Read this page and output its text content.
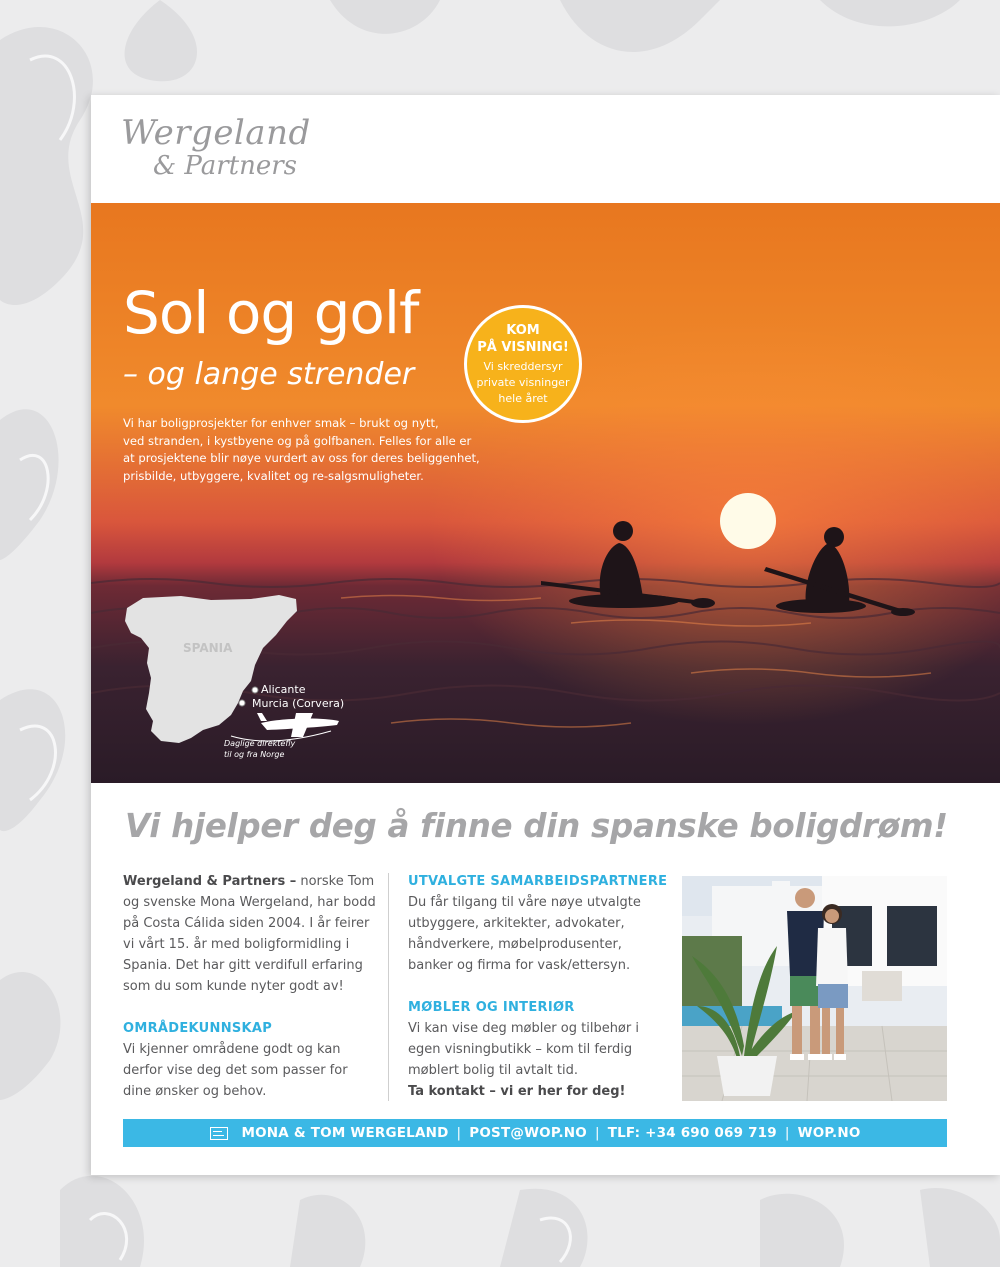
Wergeland
& Partners
Sol og golf
– og lange strender
Vi har boligprosjekter for enhver smak – brukt og nytt,
ved stranden, i kystbyene og på golfbanen. Felles for alle er
at prosjektene blir nøye vurdert av oss for deres beliggenhet,
prisbilde, utbyggere, kvalitet og re-salgsmuligheter.
KOM
PÅ VISNING!
Vi skreddersyr
private visninger
hele året
SPANIA
Alicante
Murcia (Corvera)
Daglige direktefly
til og fra Norge
Vi hjelper deg å finne din spanske boligdrøm!
Wergeland & Partners – norske Tom
og svenske Mona Wergeland, har bodd
på Costa Cálida siden 2004. I år feirer
vi vårt 15. år med boligformidling i
Spania. Det har gitt verdifull erfaring
som du som kunde nyter godt av!
OMRÅDEKUNNSKAP
Vi kjenner områdene godt og kan
derfor vise deg det som passer for
dine ønsker og behov.
UTVALGTE SAMARBEIDSPARTNERE
Du får tilgang til våre nøye utvalgte
utbyggere, arkitekter, advokater,
håndverkere, møbelprodusenter,
banker og firma for vask/ettersyn.
MØBLER OG INTERIØR
Vi kan vise deg møbler og tilbehør i
egen visningbutikk – kom til ferdig
møblert bolig til avtalt tid.
Ta kontakt – vi er her for deg!
MONA & TOM WERGELAND | POST@WOP.NO | TLF: +34 690 069 719 | WOP.NO
